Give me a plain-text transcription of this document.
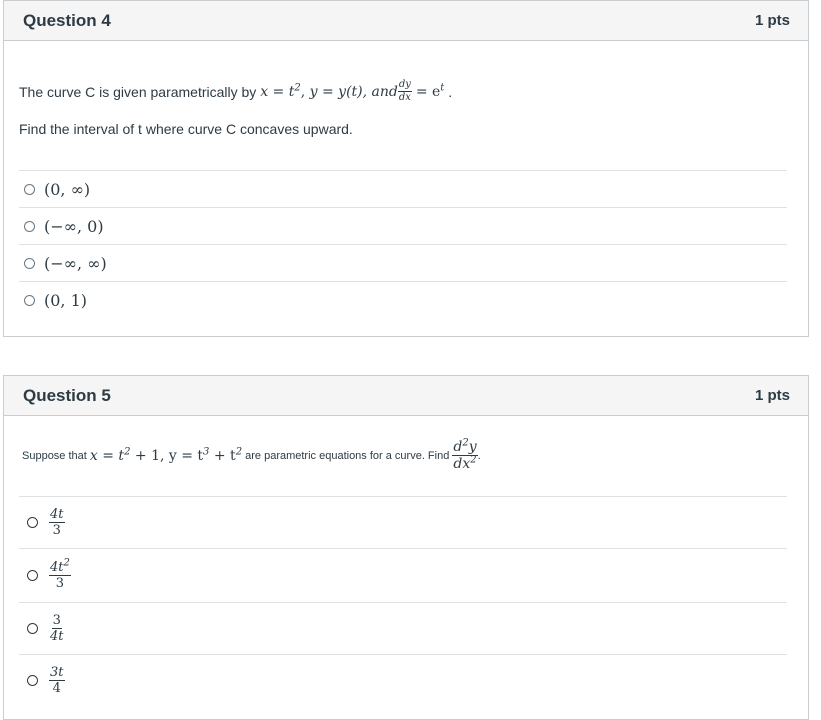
Question 4	1 pts
The curve C is given parametrically by
$x = t^2$, y = y(t), and $\frac{dy}{dx}$
= $e^t$
.
Find the interval of t where curve C concaves upward.
(0, ∞)
(−∞, 0)
(−∞, ∞)
(0, 1)
Question 5	1 pts
Suppose that
$x = t^2 + 1$, $y = t^3 + t^2$
are parametric equations for a curve. Find
$\frac{d^2y}{dx^2}$ .
$\frac{4t}{3}$
$\frac{4t^2}{3}$
$\frac{3}{4t}$
$\frac{3t}{4}$
